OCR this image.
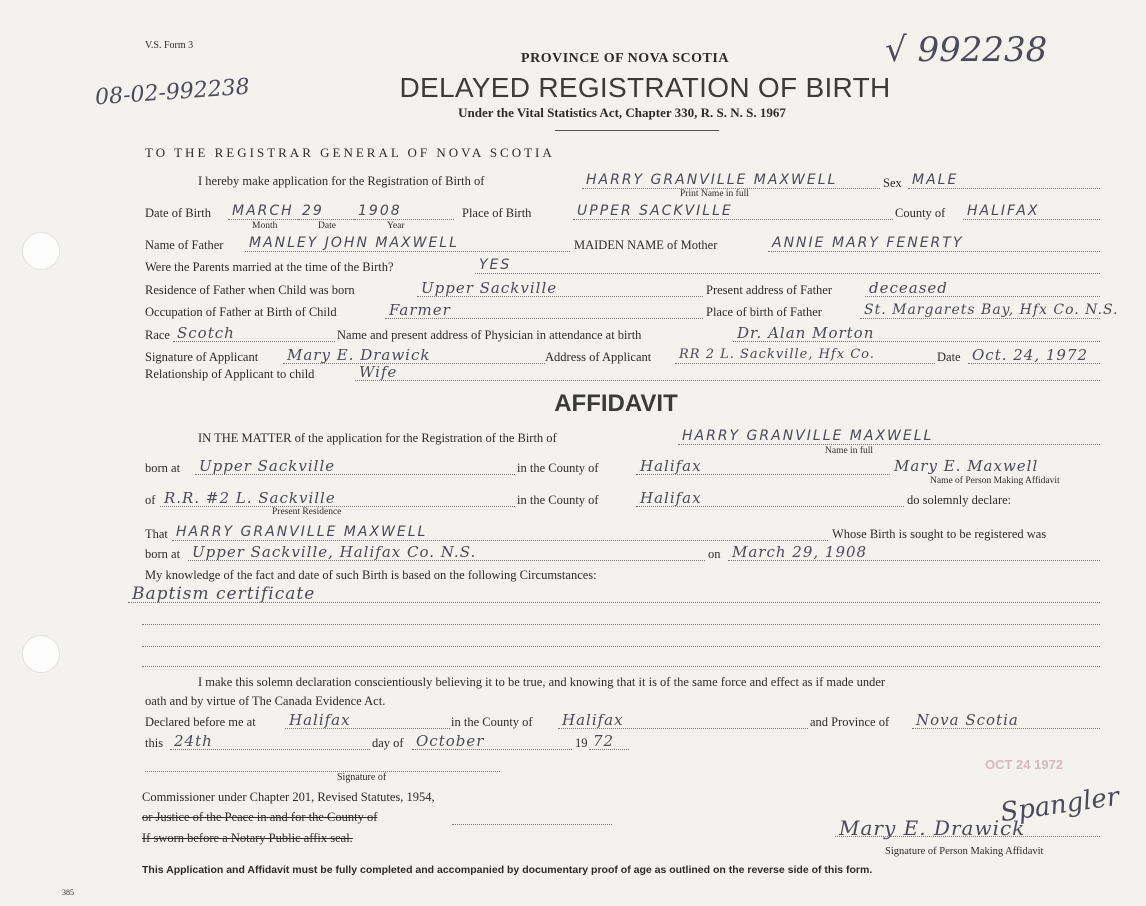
V.S. Form 3
PROVINCE OF NOVA SCOTIA
DELAYED REGISTRATION OF BIRTH
Under the Vital Statistics Act, Chapter 330, R. S. N. S. 1967
√ 992238
08-02-992238
TO THE REGISTRAR GENERAL OF NOVA SCOTIA
I hereby make application for the Registration of Birth of	HARRY GRANVILLE MAXWELL
Print Name in full
Sex MALE
Date of Birth MARCH 29	1908
Month	Date	Year
Place of Birth	UPPER SACKVILLE	County of HALIFAX
Name of Father MANLEY JOHN MAXWELL	MAIDEN NAME of Mother	ANNIE MARY FENERTY
Were the Parents married at the time of the Birth?	YES
Residence of Father when Child was born	Upper Sackville	Present address of Father deceased
Occupation of Father at Birth of Child	Farmer	Place of birth of Father	St. Margarets Bay, Hfx Co. N.S.
Race Scotch	Name and present address of Physician in attendance at birth	Dr. Alan Morton
Signature of Applicant Mary E. Drawick	Address of Applicant	RR 2 L. Sackville, Hfx Co.	Date Oct. 24, 1972
Relationship of Applicant to child	Wife
AFFIDAVIT
IN THE MATTER of the application for the Registration of the Birth of	HARRY GRANVILLE MAXWELL
Name in full
born at Upper Sackville	in the County of	Halifax	Mary E. Maxwell
Name of Person Making Affidavit
of R.R. #2 L. Sackville
Present Residence
in the County of	Halifax	do solemnly declare:
That HARRY GRANVILLE MAXWELL	Whose Birth is sought to be registered was
born at Upper Sackville, Halifax Co. N.S.	on March 29, 1908
My knowledge of the fact and date of such Birth is based on the following Circumstances:
Baptism certificate
I make this solemn declaration conscientiously believing it to be true, and knowing that it is of the same force and effect as if made under
oath and by virtue of The Canada Evidence Act.
Declared before me at Halifax	in the County of Halifax	and Province of Nova Scotia
this 24th	day of October	19 72
Signature of
Commissioner under Chapter 201, Revised Statutes, 1954,
or Justice of the Peace in and for the County of
If sworn before a Notary Public affix seal.	Mary E. Drawick
Signature of Person Making Affidavit
Spangler
OCT 24 1972
This Application and Affidavit must be fully completed and accompanied by documentary proof of age as outlined on the reverse side of this form.
385
